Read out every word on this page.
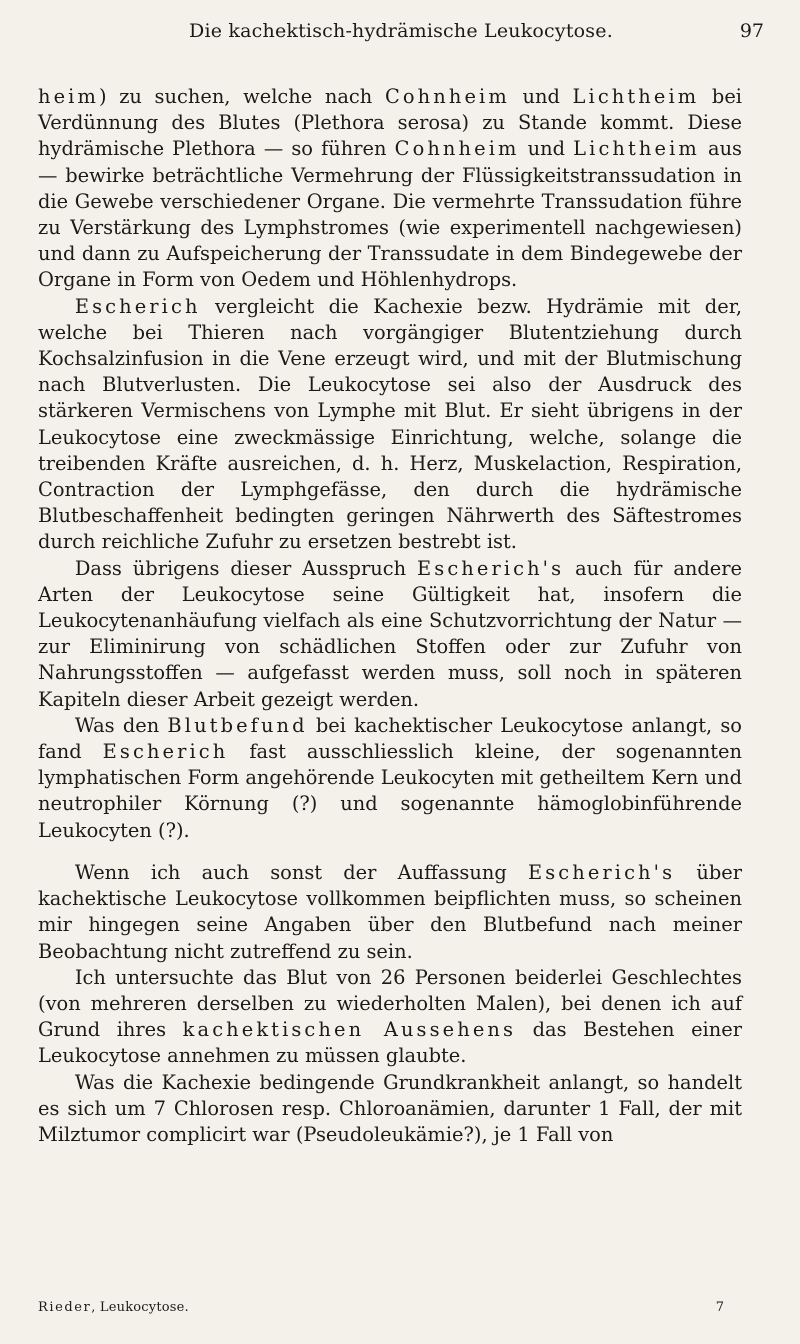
Die kachektisch-hydrämische Leukocytose.	97

heim) zu suchen, welche nach Cohnheim und Lichtheim bei Verdünnung des Blutes (Plethora serosa) zu Stande kommt. Diese hydrämische Plethora — so führen Cohnheim und Lichtheim aus — bewirke beträchtliche Vermehrung der Flüssigkeitstranssudation in die Gewebe verschiedener Organe. Die vermehrte Transsudation führe zu Verstärkung des Lymphstromes (wie experimentell nachgewiesen) und dann zu Aufspeicherung der Transsudate in dem Bindegewebe der Organe in Form von Oedem und Höhlenhydrops.

Escherich vergleicht die Kachexie bezw. Hydrämie mit der, welche bei Thieren nach vorgängiger Blutentziehung durch Kochsalzinfusion in die Vene erzeugt wird, und mit der Blutmischung nach Blutverlusten. Die Leukocytose sei also der Ausdruck des stärkeren Vermischens von Lymphe mit Blut. Er sieht übrigens in der Leukocytose eine zweckmässige Einrichtung, welche, solange die treibenden Kräfte ausreichen, d. h. Herz, Muskelaction, Respiration, Contraction der Lymphgefässe, den durch die hydrämische Blutbeschaffenheit bedingten geringen Nährwerth des Säftestromes durch reichliche Zufuhr zu ersetzen bestrebt ist.

Dass übrigens dieser Ausspruch Escherich's auch für andere Arten der Leukocytose seine Gültigkeit hat, insofern die Leukocytenanhäufung vielfach als eine Schutzvorrichtung der Natur — zur Eliminirung von schädlichen Stoffen oder zur Zufuhr von Nahrungsstoffen — aufgefasst werden muss, soll noch in späteren Kapiteln dieser Arbeit gezeigt werden.

Was den Blutbefund bei kachektischer Leukocytose anlangt, so fand Escherich fast ausschliesslich kleine, der sogenannten lymphatischen Form angehörende Leukocyten mit getheiltem Kern und neutrophiler Körnung (?) und sogenannte hämoglobinführende Leukocyten (?).

Wenn ich auch sonst der Auffassung Escherich's über kachektische Leukocytose vollkommen beipflichten muss, so scheinen mir hingegen seine Angaben über den Blutbefund nach meiner Beobachtung nicht zutreffend zu sein.

Ich untersuchte das Blut von 26 Personen beiderlei Geschlechtes (von mehreren derselben zu wiederholten Malen), bei denen ich auf Grund ihres kachektischen Aussehens das Bestehen einer Leukocytose annehmen zu müssen glaubte.

Was die Kachexie bedingende Grundkrankheit anlangt, so handelt es sich um 7 Chlorosen resp. Chloroanämien, darunter 1 Fall, der mit Milztumor complicirt war (Pseudoleukämie?), je 1 Fall von

Rieder, Leukocytose.	7
